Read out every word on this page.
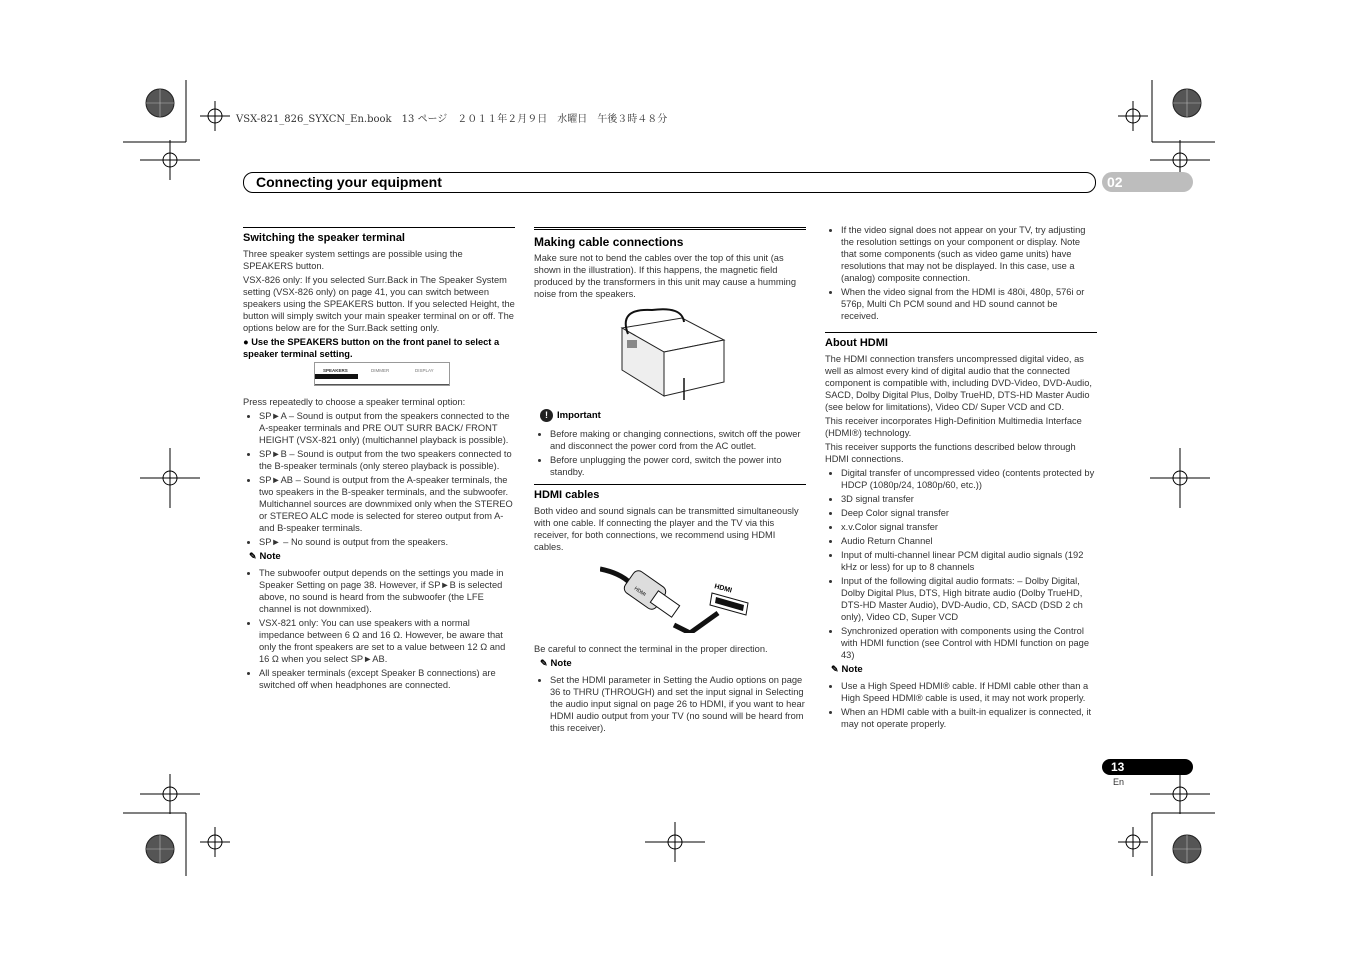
VSX-821_826_SYXCN_En.book　13 ページ　２０１１年２月９日　水曜日　午後３時４８分
Connecting your equipment	02
Switching the speaker terminal

Three speaker system settings are possible using the SPEAKERS button.

VSX-826 only: If you selected Surr.Back in The Speaker System setting (VSX-826 only) on page 41, you can switch between speakers using the SPEAKERS button. If you selected Height, the button will simply switch your main speaker terminal on or off. The options below are for the Surr.Back setting only.

● Use the SPEAKERS button on the front panel to select a speaker terminal setting.

SPEAKERS	DIMMER	DISPLAY

Press repeatedly to choose a speaker terminal option:

• SP►A – Sound is output from the speakers connected to the A-speaker terminals and PRE OUT SURR BACK/ FRONT HEIGHT (VSX-821 only) (multichannel playback is possible).
• SP►B – Sound is output from the two speakers connected to the B-speaker terminals (only stereo playback is possible).
• SP►AB – Sound is output from the A-speaker terminals, the two speakers in the B-speaker terminals, and the subwoofer. Multichannel sources are downmixed only when the STEREO or STEREO ALC mode is selected for stereo output from A- and B-speaker terminals.
• SP► – No sound is output from the speakers.
✎ Note
• The subwoofer output depends on the settings you made in Speaker Setting on page 38. However, if SP►B is selected above, no sound is heard from the subwoofer (the LFE channel is not downmixed).
• VSX-821 only: You can use speakers with a normal impedance between 6 Ω and 16 Ω. However, be aware that only the front speakers are set to a value between 12 Ω and 16 Ω when you select SP►AB.
• All speaker terminals (except Speaker B connections) are switched off when headphones are connected.
Making cable connections

Make sure not to bend the cables over the top of this unit (as shown in the illustration). If this happens, the magnetic field produced by the transformers in this unit may cause a humming noise from the speakers.

! Important
• Before making or changing connections, switch off the power and disconnect the power cord from the AC outlet.
• Before unplugging the power cord, switch the power into standby.
HDMI cables

Both video and sound signals can be transmitted simultaneously with one cable. If connecting the player and the TV via this receiver, for both connections, we recommend using HDMI cables.

HDMI	HDMI

Be careful to connect the terminal in the proper direction.

✎ Note
• Set the HDMI parameter in Setting the Audio options on page 36 to THRU (THROUGH) and set the input signal in Selecting the audio input signal on page 26 to HDMI, if you want to hear HDMI audio output from your TV (no sound will be heard from this receiver).
• If the video signal does not appear on your TV, try adjusting the resolution settings on your component or display. Note that some components (such as video game units) have resolutions that may not be displayed. In this case, use a (analog) composite connection.
• When the video signal from the HDMI is 480i, 480p, 576i or 576p, Multi Ch PCM sound and HD sound cannot be received.
About HDMI

The HDMI connection transfers uncompressed digital video, as well as almost every kind of digital audio that the connected component is compatible with, including DVD-Video, DVD-Audio, SACD, Dolby Digital Plus, Dolby TrueHD, DTS-HD Master Audio (see below for limitations), Video CD/ Super VCD and CD.

This receiver incorporates High-Definition Multimedia Interface (HDMI®) technology.

This receiver supports the functions described below through HDMI connections.

• Digital transfer of uncompressed video (contents protected by HDCP (1080p/24, 1080p/60, etc.))
• 3D signal transfer
• Deep Color signal transfer
• x.v.Color signal transfer
• Audio Return Channel
• Input of multi-channel linear PCM digital audio signals (192 kHz or less) for up to 8 channels
• Input of the following digital audio formats: – Dolby Digital, Dolby Digital Plus, DTS, High bitrate audio (Dolby TrueHD, DTS-HD Master Audio), DVD-Audio, CD, SACD (DSD 2 ch only), Video CD, Super VCD
• Synchronized operation with components using the Control with HDMI function (see Control with HDMI function on page 43)
✎ Note
• Use a High Speed HDMI® cable. If HDMI cable other than a High Speed HDMI® cable is used, it may not work properly.
• When an HDMI cable with a built-in equalizer is connected, it may not operate properly.
13
En
